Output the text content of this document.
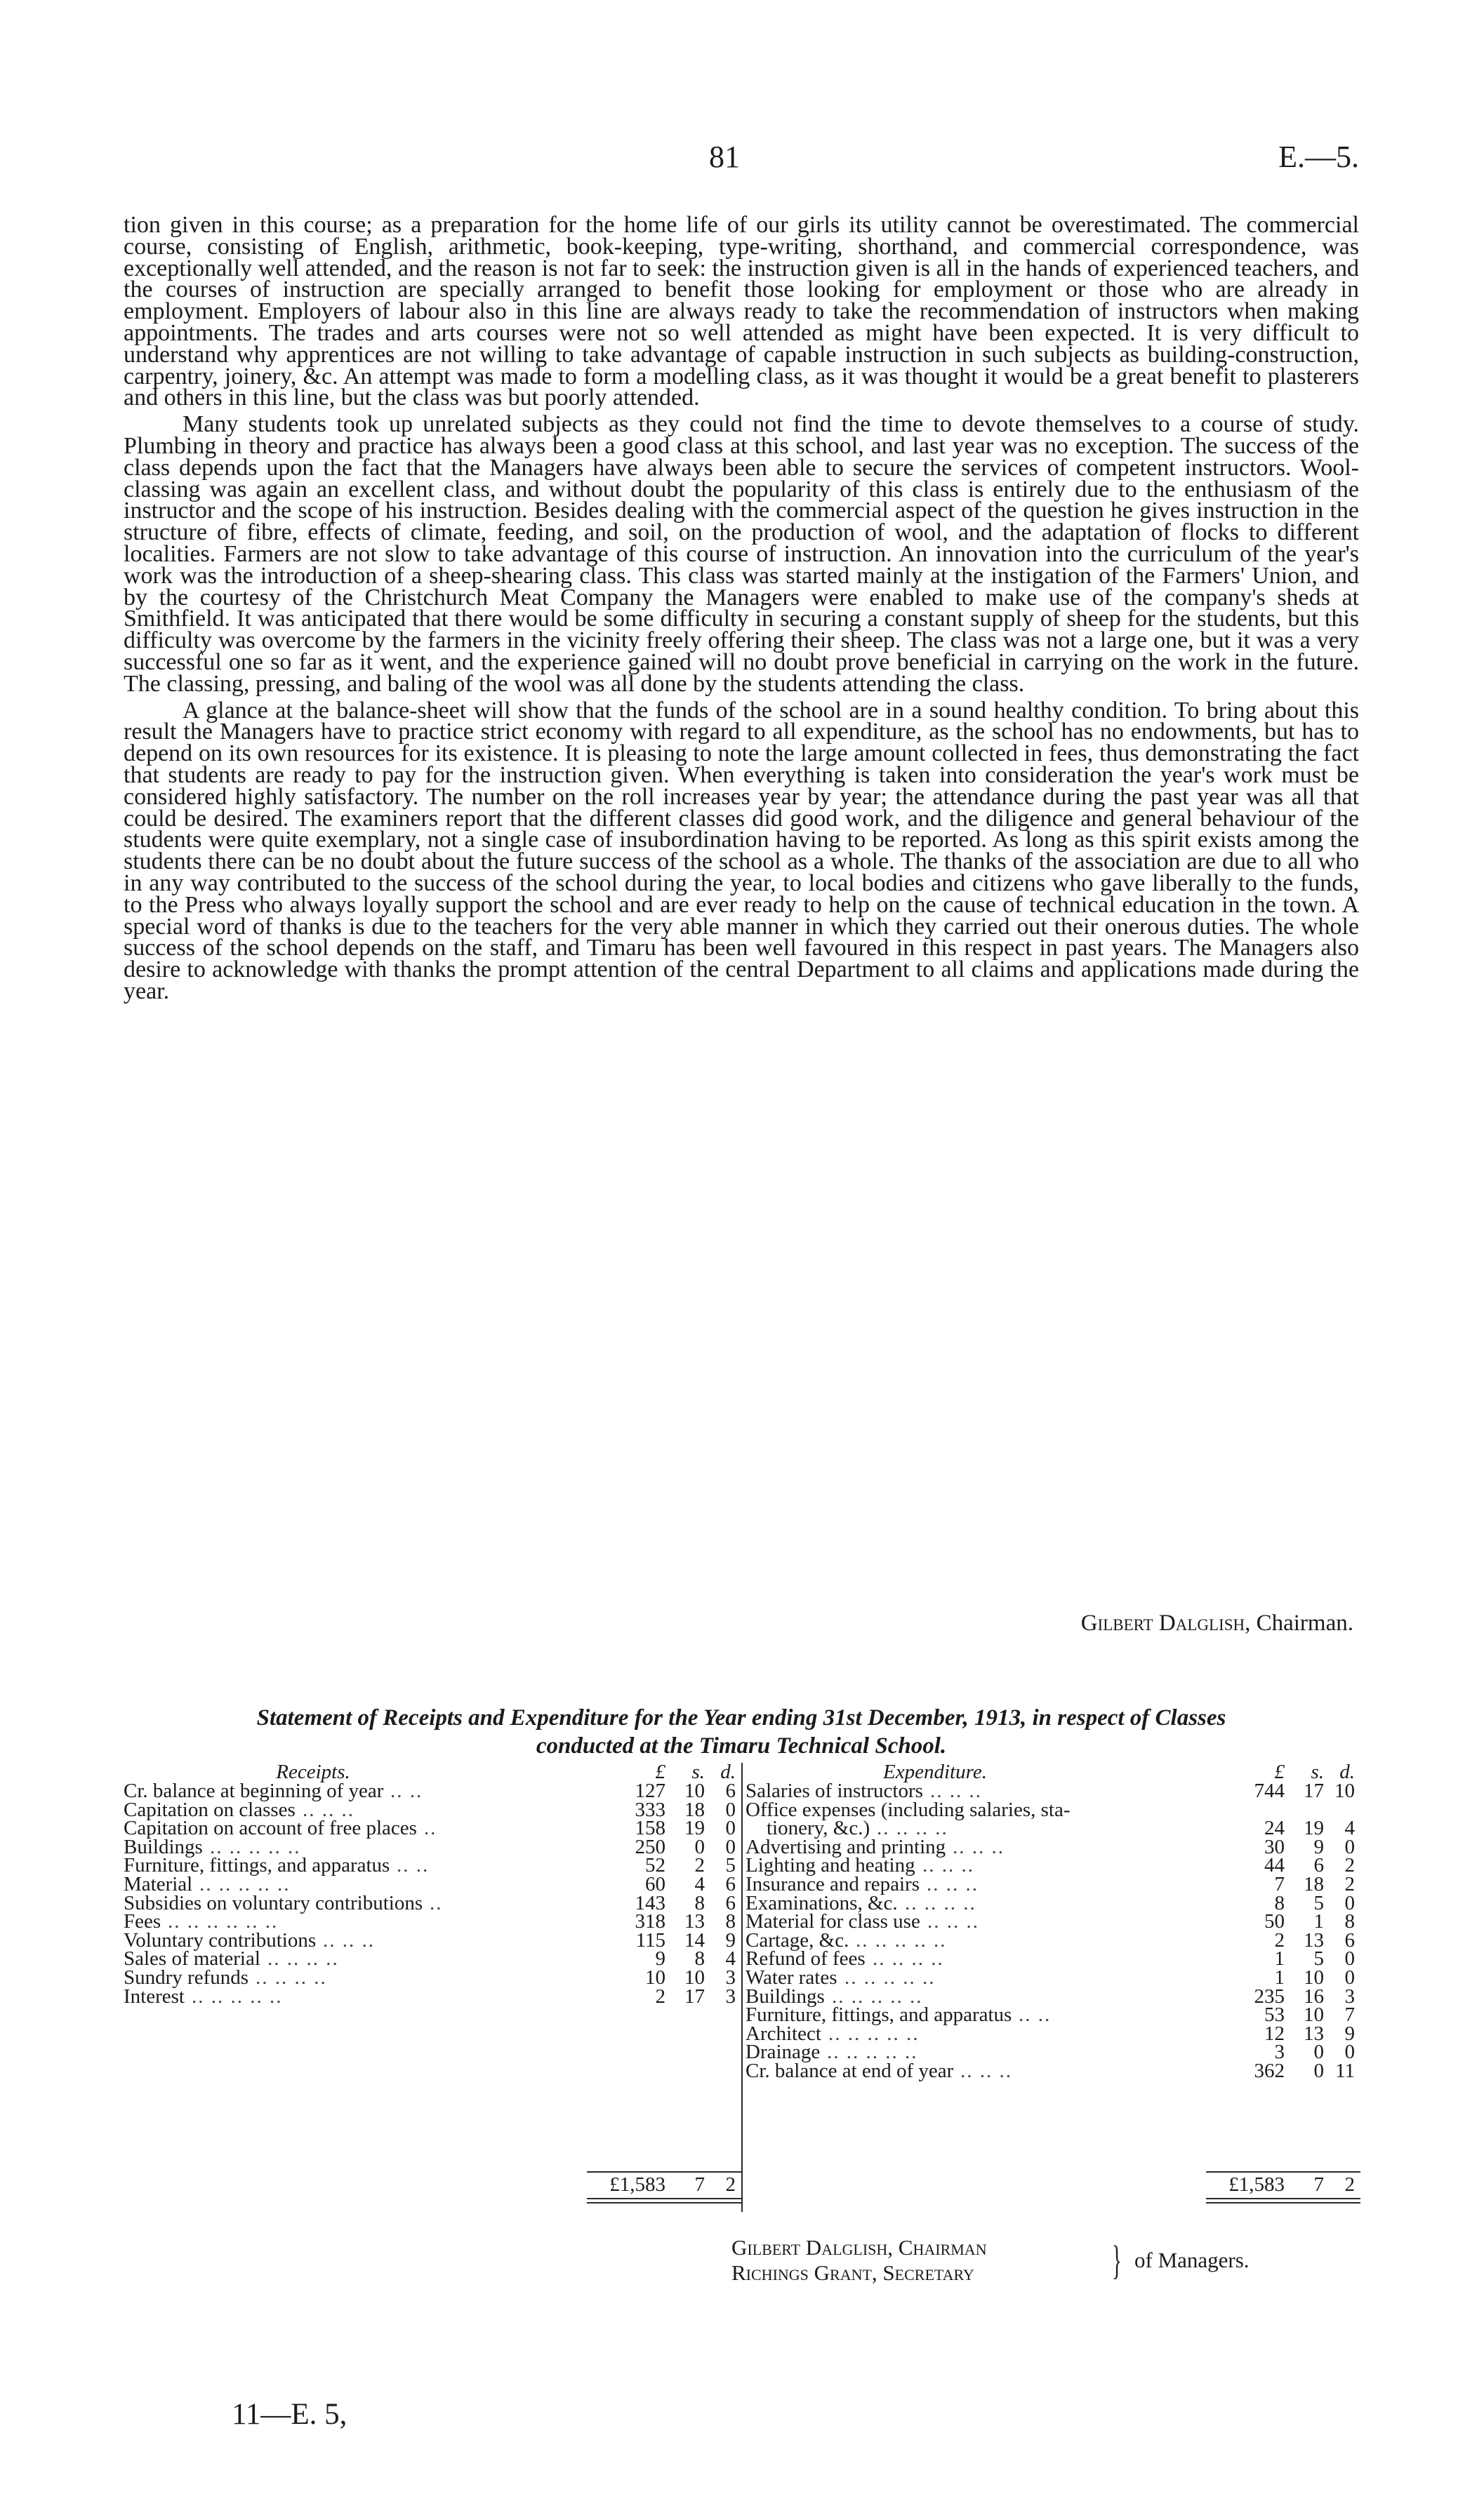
81	E.—5.

tion given in this course; as a preparation for the home life of our girls its utility cannot be overestimated. The commercial course, consisting of English, arithmetic, book-keeping, type-writing, shorthand, and commercial correspondence, was exceptionally well attended, and the reason is not far to seek: the instruction given is all in the hands of experienced teachers, and the courses of instruction are specially arranged to benefit those looking for employment or those who are already in employment. Employers of labour also in this line are always ready to take the recommendation of instructors when making appointments. The trades and arts courses were not so well attended as might have been expected. It is very difficult to understand why apprentices are not willing to take advantage of capable instruction in such subjects as building-construction, carpentry, joinery, &c. An attempt was made to form a modelling class, as it was thought it would be a great benefit to plasterers and others in this line, but the class was but poorly attended.

Many students took up unrelated subjects as they could not find the time to devote themselves to a course of study. Plumbing in theory and practice has always been a good class at this school, and last year was no exception. The success of the class depends upon the fact that the Managers have always been able to secure the services of competent instructors. Wool-classing was again an excellent class, and without doubt the popularity of this class is entirely due to the enthusiasm of the instructor and the scope of his instruction. Besides dealing with the commercial aspect of the question he gives instruction in the structure of fibre, effects of climate, feeding, and soil, on the production of wool, and the adaptation of flocks to different localities. Farmers are not slow to take advantage of this course of instruction. An innovation into the curriculum of the year's work was the introduction of a sheep-shearing class. This class was started mainly at the instigation of the Farmers' Union, and by the courtesy of the Christchurch Meat Company the Managers were enabled to make use of the company's sheds at Smithfield. It was anticipated that there would be some difficulty in securing a constant supply of sheep for the students, but this difficulty was overcome by the farmers in the vicinity freely offering their sheep. The class was not a large one, but it was a very successful one so far as it went, and the experience gained will no doubt prove beneficial in carrying on the work in the future. The classing, pressing, and baling of the wool was all done by the students attending the class.

A glance at the balance-sheet will show that the funds of the school are in a sound healthy condition. To bring about this result the Managers have to practice strict economy with regard to all expenditure, as the school has no endowments, but has to depend on its own resources for its existence. It is pleasing to note the large amount collected in fees, thus demonstrating the fact that students are ready to pay for the instruction given. When everything is taken into consideration the year's work must be considered highly satisfactory. The number on the roll increases year by year; the attendance during the past year was all that could be desired. The examiners report that the different classes did good work, and the diligence and general behaviour of the students were quite exemplary, not a single case of insubordination having to be reported. As long as this spirit exists among the students there can be no doubt about the future success of the school as a whole. The thanks of the association are due to all who in any way contributed to the success of the school during the year, to local bodies and citizens who gave liberally to the funds, to the Press who always loyally support the school and are ever ready to help on the cause of technical education in the town. A special word of thanks is due to the teachers for the very able manner in which they carried out their onerous duties. The whole success of the school depends on the staff, and Timaru has been well favoured in this respect in past years. The Managers also desire to acknowledge with thanks the prompt attention of the central Department to all claims and applications made during the year.

Gilbert Dalglish, Chairman.
Statement of Receipts and Expenditure for the Year ending 31st December, 1913, in respect of Classes
conducted at the Timaru Technical School.
Receipts.	£	s. d.
Cr. balance at beginning of year .. ..	127 10	6
Capitation on classes .. .. ..	333 18	0
Capitation on account of free places ..	158 19	0
Buildings .. .. .. .. ..	250	0	0
Furniture, fittings, and apparatus .. ..	52	2	5
Material .. .. .. .. ..	60	4	6
Subsidies on voluntary contributions ..	143	8	6
Fees .. .. .. .. .. ..	318 13	8
Voluntary contributions .. .. ..	115 14	9
Sales of material .. .. .. ..	9	8	4
Sundry refunds .. .. .. ..	10 10	3
Interest .. .. .. .. ..	2 17	3
£1,583	7	2
Expenditure.	£	s. d.
Salaries of instructors .. .. ..	744 17 10
Office expenses (including salaries, sta-
tionery, &c.) .. .. .. ..	24 19	4
Advertising and printing .. .. ..	30	9	0
Lighting and heating .. .. ..	44	6	2
Insurance and repairs .. .. ..	7 18	2
Examinations, &c. .. .. .. ..	8	5	0
Material for class use .. .. ..	50	1	8
Cartage, &c. .. .. .. .. ..	2 13	6
Refund of fees .. .. .. ..	1	5	0
Water rates .. .. .. .. ..	1 10	0
Buildings .. .. .. .. ..	235 16	3
Furniture, fittings, and apparatus .. ..	53 10	7
Architect .. .. .. .. ..	12 13	9
Drainage .. .. .. .. ..	3	0	0
Cr. balance at end of year .. .. ..	362	0 11
£1,583	7	2
Gilbert Dalglish, Chairman
Richings Grant, Secretary	} of Managers.
11—E. 5,
